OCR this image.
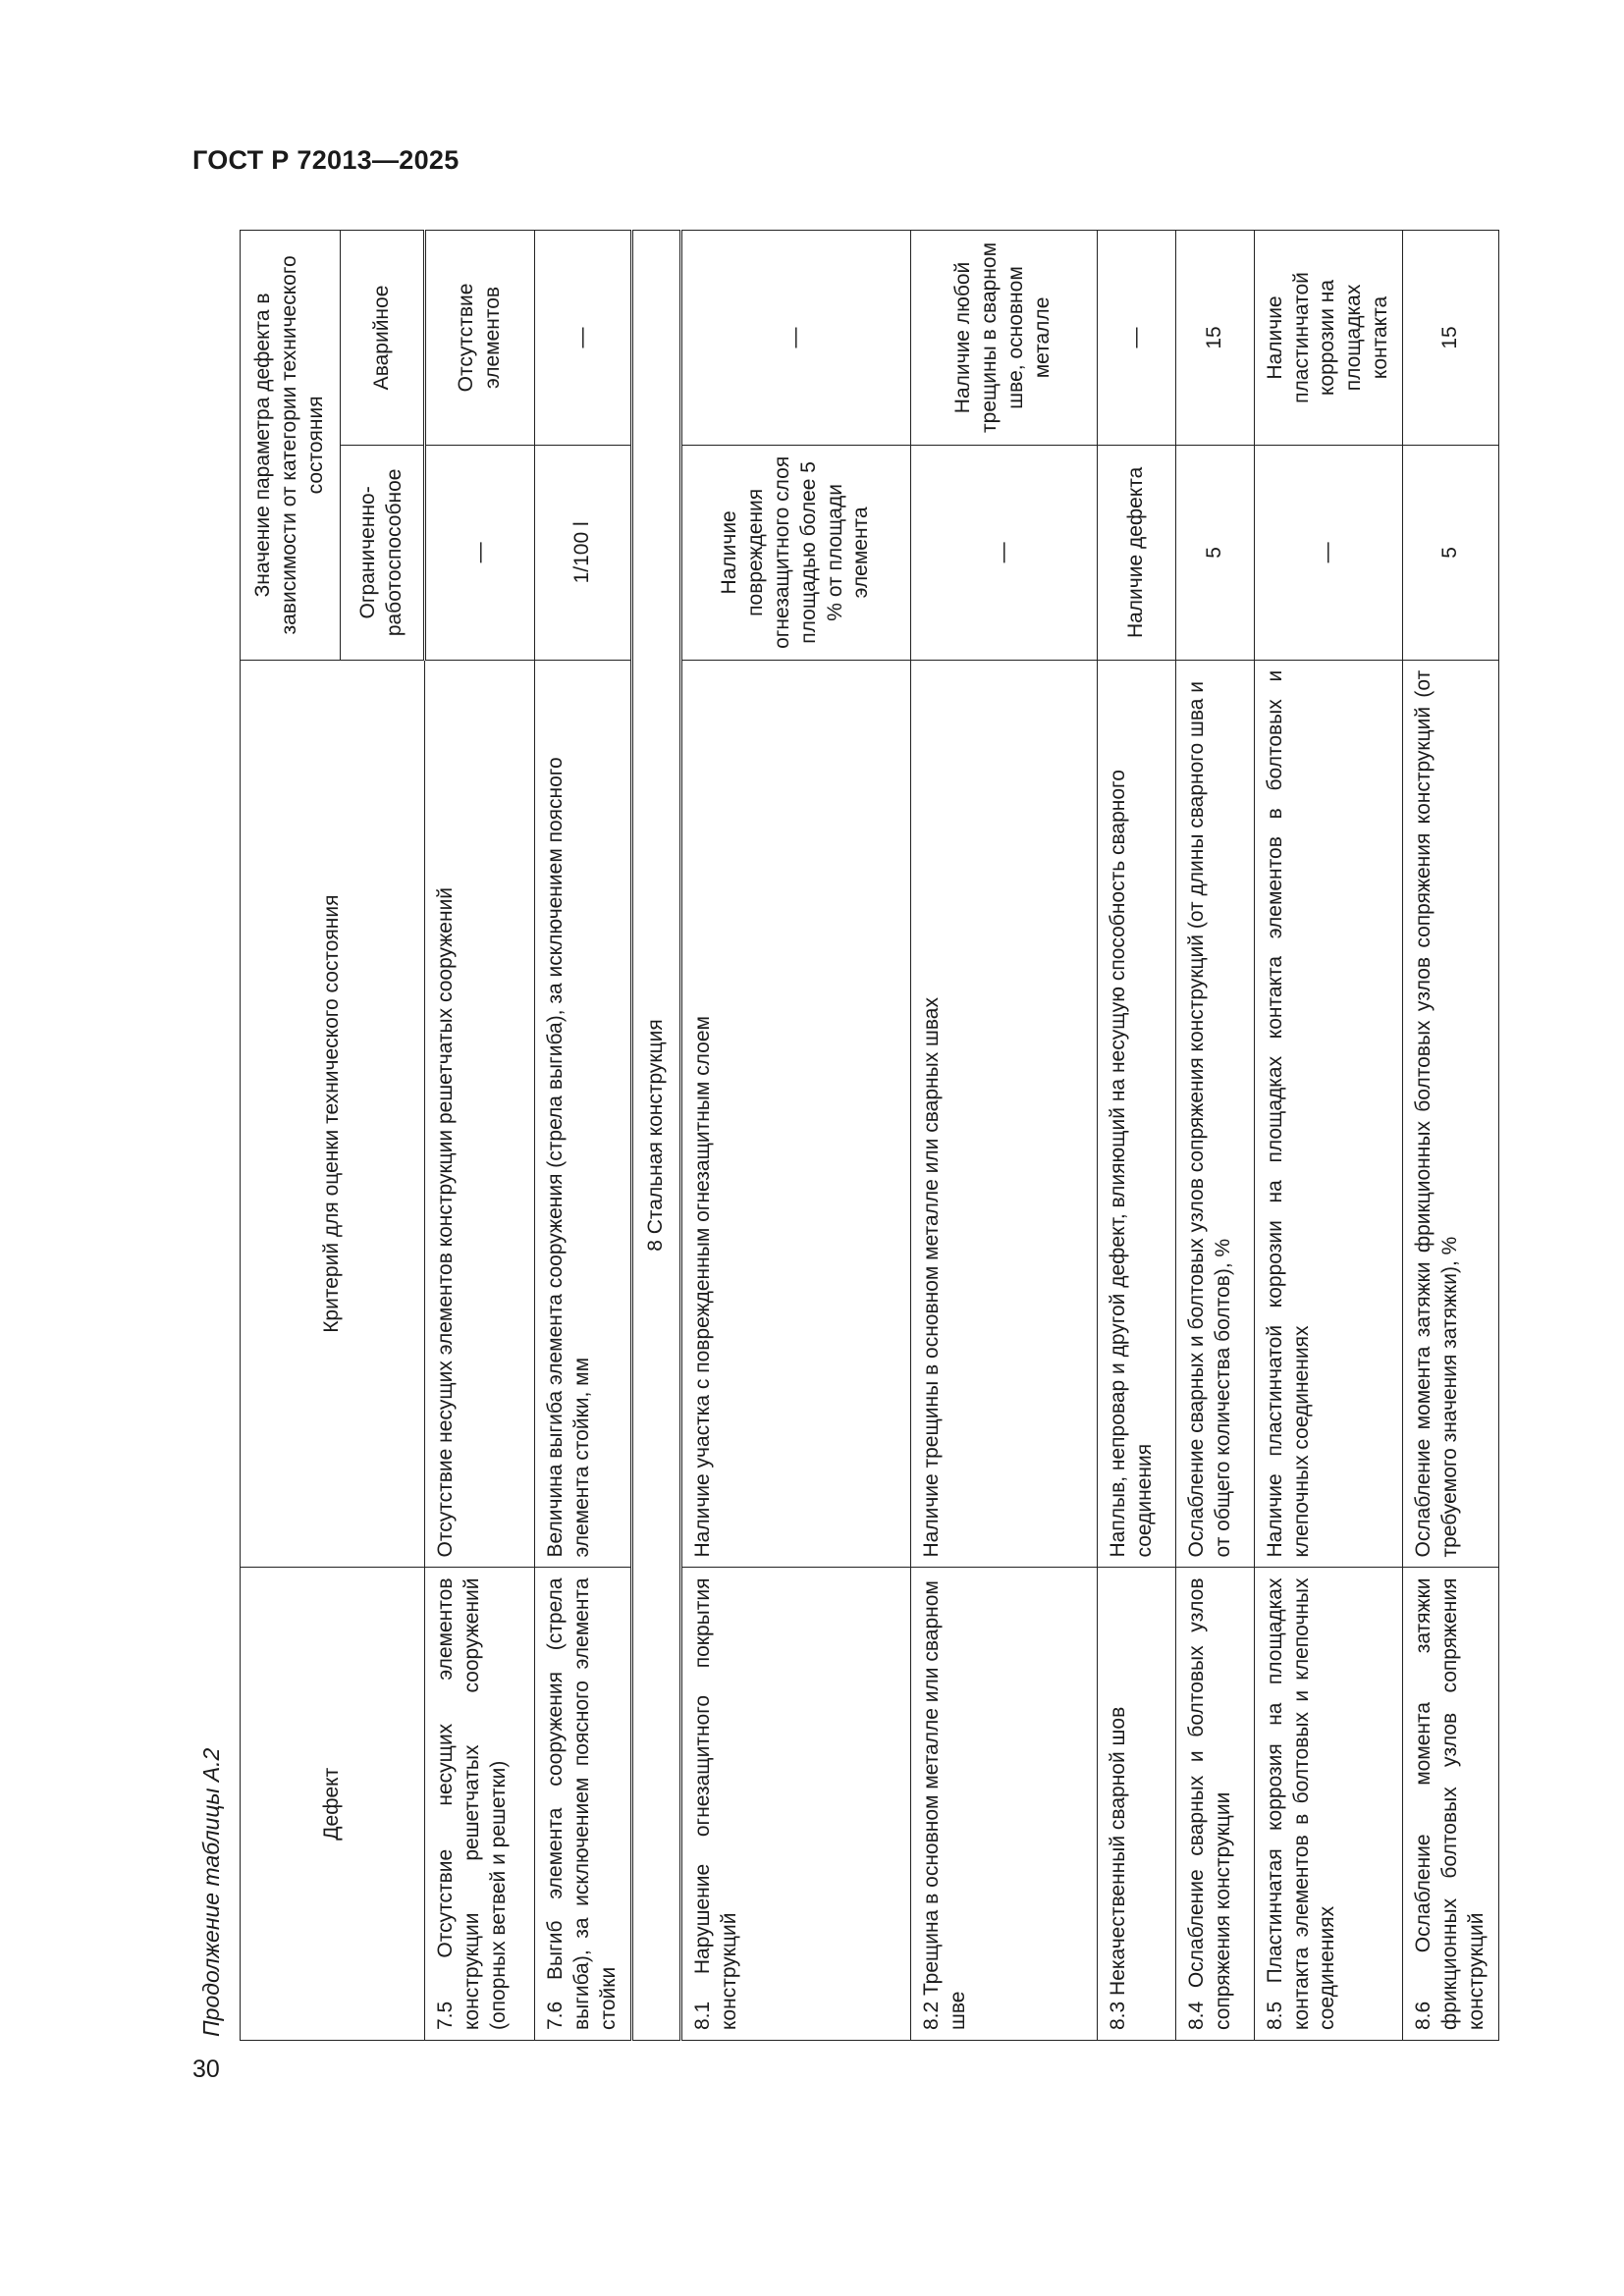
ГОСТ Р 72013—2025
30
Продолжение таблицы А.2	Дефект	Критерий для оценки технического состояния	Значение параметра дефекта в зависимости от категории технического состояния	
		Ограниченно-работоспособное	Аварийное
7.5 Отсутствие несущих элементов конструкции решетчатых сооружений (опорных ветвей и решетки)	Отсутствие несущих элементов конструкции решетчатых сооружений	—	Отсутствие элементов
7.6 Выгиб элемента сооружения (стрела выгиба), за исключением поясного элемента стойки	Величина выгиба элемента сооружения (стрела выгиба), за исключением поясного элемента стойки, мм	1/100 l	—
8 Стальная конструкция			
8.1 Нарушение огнезащитного покрытия конструкций	Наличие участка с поврежденным огнезащитным слоем	Наличие повреждения огнезащитного слоя площадью более 5 % от площади элемента	—
8.2 Трещина в основном металле или сварном шве	Наличие трещины в основном металле или сварных швах	—	Наличие любой трещины в сварном шве, основном металле
8.3 Некачественный сварной шов	Наплыв, непровар и другой дефект, влияющий на несущую способность сварного соединения	Наличие дефекта	—
8.4 Ослабление сварных и болтовых узлов сопряжения конструкции	Ослабление сварных и болтовых узлов сопряжения конструкций (от длины сварного шва и от общего количества болтов), %	5	15
8.5 Пластинчатая коррозия на площадках контакта элементов в болтовых и клепочных соединениях	Наличие пластинчатой коррозии на площадках контакта элементов в болтовых и клепочных соединениях	—	Наличие пластинчатой коррозии на площадках контакта
8.6 Ослабление момента затяжки фрикционных болтовых узлов сопряжения конструкций	Ослабление момента затяжки фрикционных болтовых узлов сопряжения конструкций (от требуемого значения затяжки), %	5	15
